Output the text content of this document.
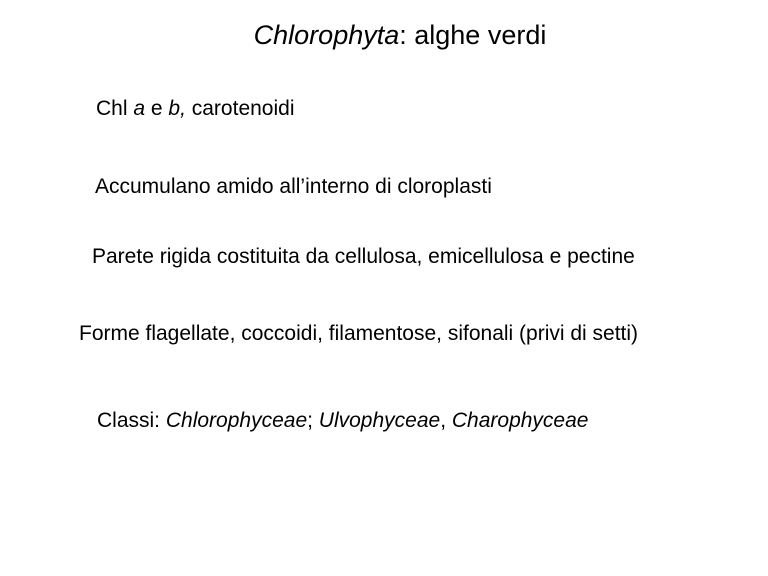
Chlorophyta: alghe verdi
Chl a e b, carotenoidi
Accumulano amido all’interno di cloroplasti
Parete rigida costituita da cellulosa, emicellulosa e pectine
Forme flagellate, coccoidi, filamentose, sifonali (privi di setti)
Classi: Chlorophyceae; Ulvophyceae, Charophyceae
